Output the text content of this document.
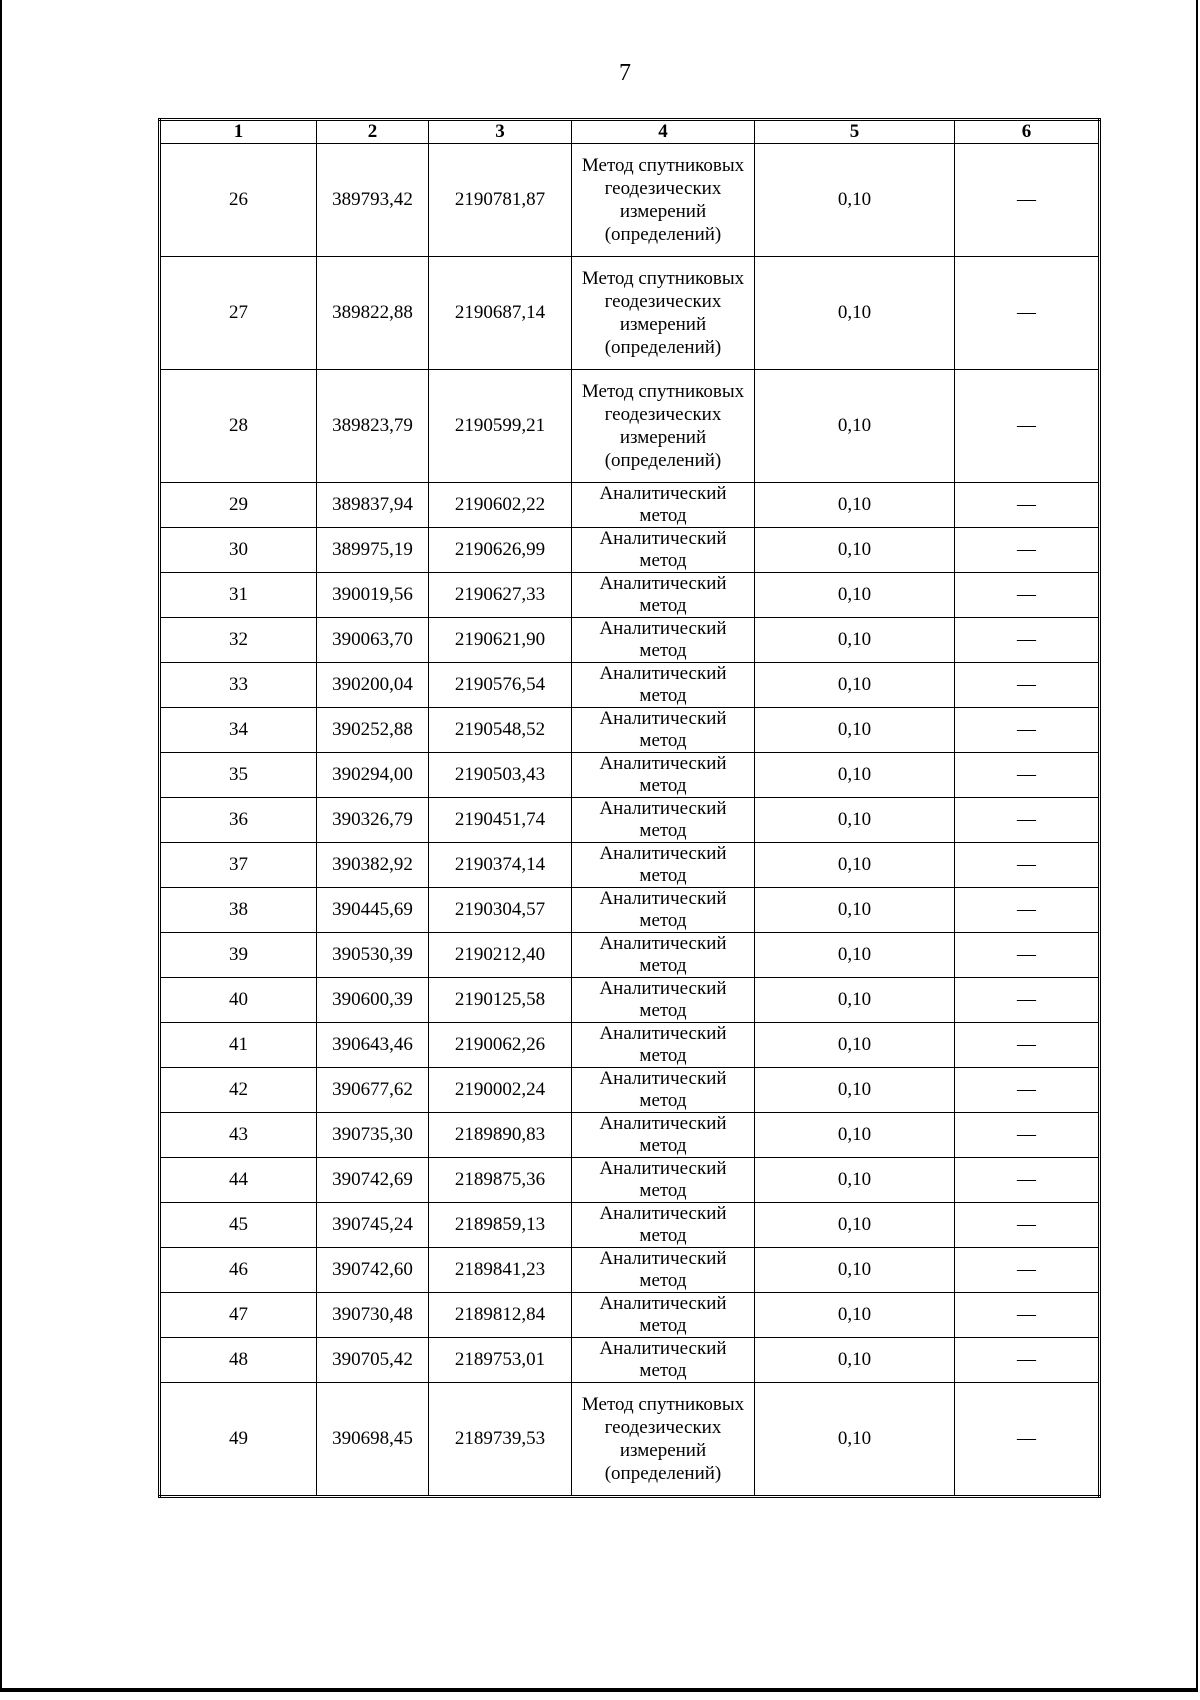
7
1	2	3	4	5	6
26	389793,42	2190781,87	Метод спутниковых геодезических измерений (определений)	0,10	—
27	389822,88	2190687,14	Метод спутниковых геодезических измерений (определений)	0,10	—
28	389823,79	2190599,21	Метод спутниковых геодезических измерений (определений)	0,10	—
29	389837,94	2190602,22	Аналитический метод	0,10	—
30	389975,19	2190626,99	Аналитический метод	0,10	—
31	390019,56	2190627,33	Аналитический метод	0,10	—
32	390063,70	2190621,90	Аналитический метод	0,10	—
33	390200,04	2190576,54	Аналитический метод	0,10	—
34	390252,88	2190548,52	Аналитический метод	0,10	—
35	390294,00	2190503,43	Аналитический метод	0,10	—
36	390326,79	2190451,74	Аналитический метод	0,10	—
37	390382,92	2190374,14	Аналитический метод	0,10	—
38	390445,69	2190304,57	Аналитический метод	0,10	—
39	390530,39	2190212,40	Аналитический метод	0,10	—
40	390600,39	2190125,58	Аналитический метод	0,10	—
41	390643,46	2190062,26	Аналитический метод	0,10	—
42	390677,62	2190002,24	Аналитический метод	0,10	—
43	390735,30	2189890,83	Аналитический метод	0,10	—
44	390742,69	2189875,36	Аналитический метод	0,10	—
45	390745,24	2189859,13	Аналитический метод	0,10	—
46	390742,60	2189841,23	Аналитический метод	0,10	—
47	390730,48	2189812,84	Аналитический метод	0,10	—
48	390705,42	2189753,01	Аналитический метод	0,10	—
49	390698,45	2189739,53	Метод спутниковых геодезических измерений (определений)	0,10	—
